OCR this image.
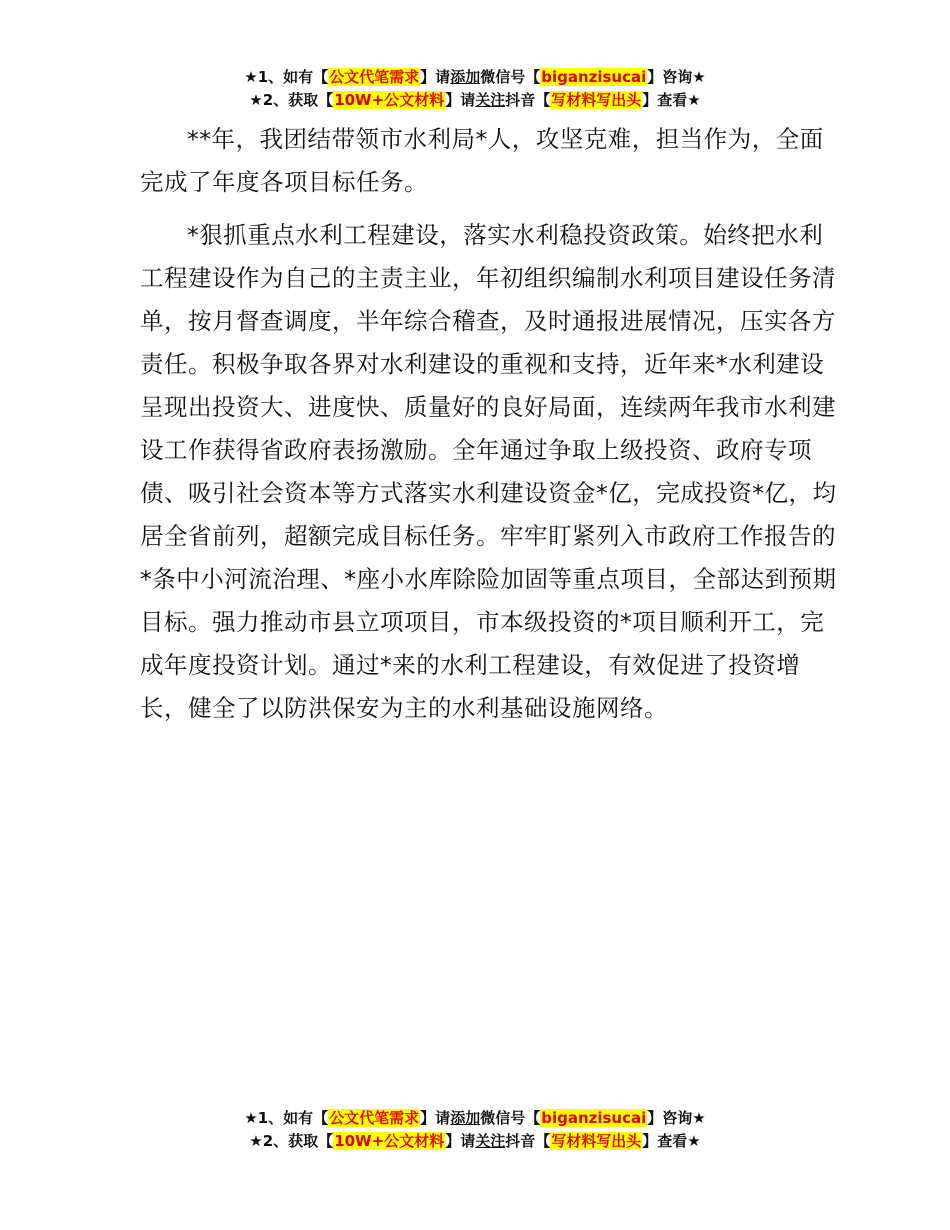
★1、如有【公文代笔需求】请添加微信号【biganzisucai】咨询★
★2、获取【10W+公文材料】请关注抖音【写材料写出头】查看★

**年，我团结带领市水利局*人，攻坚克难，担当作为，全面完成了年度各项目标任务。

*狠抓重点水利工程建设，落实水利稳投资政策。始终把水利工程建设作为自己的主责主业，年初组织编制水利项目建设任务清单，按月督查调度，半年综合稽查，及时通报进展情况，压实各方责任。积极争取各界对水利建设的重视和支持，近年来*水利建设呈现出投资大、进度快、质量好的良好局面，连续两年我市水利建设工作获得省政府表扬激励。全年通过争取上级投资、政府专项债、吸引社会资本等方式落实水利建设资金*亿，完成投资*亿，均居全省前列，超额完成目标任务。牢牢盯紧列入市政府工作报告的*条中小河流治理、*座小水库除险加固等重点项目，全部达到预期目标。强力推动市县立项项目，市本级投资的*项目顺利开工，完成年度投资计划。通过*来的水利工程建设，有效促进了投资增长，健全了以防洪保安为主的水利基础设施网络。

★1、如有【公文代笔需求】请添加微信号【biganzisucai】咨询★
★2、获取【10W+公文材料】请关注抖音【写材料写出头】查看★
